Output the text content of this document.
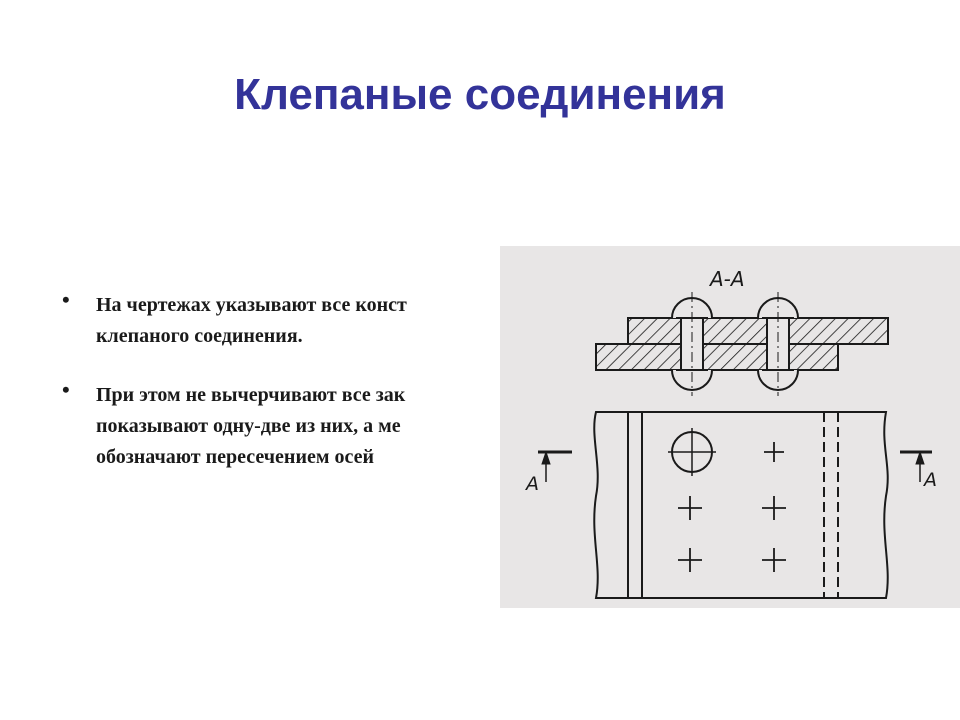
Клепаные соединения
• На чертежах указывают все конст
клепаного соединения.
• При этом не вычерчивают все зак
показывают одну-две из них, а ме
обозначают пересечением осей
А-А
А	А
